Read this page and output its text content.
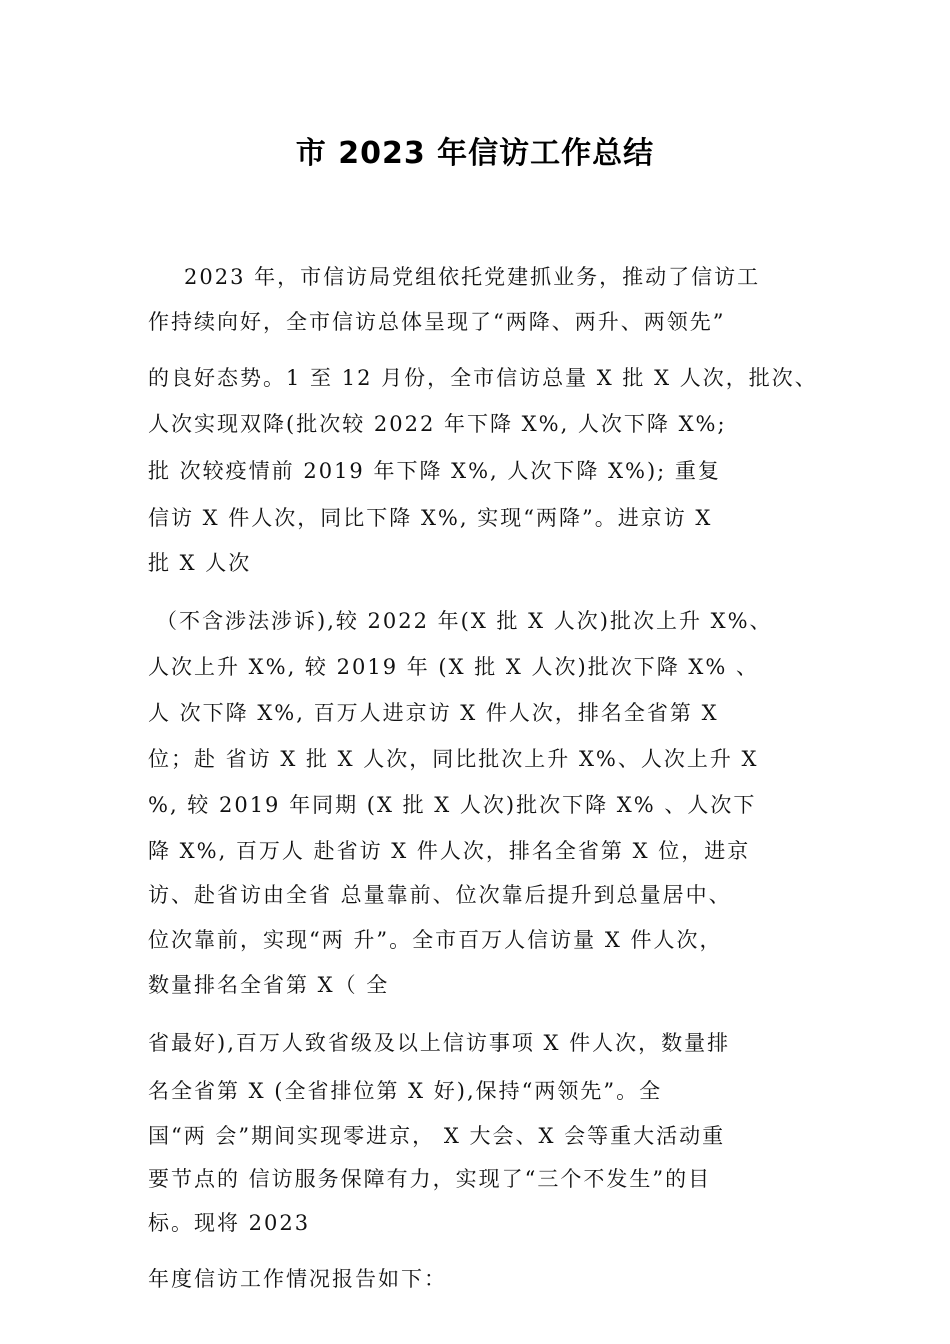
市 2023 年信访工作总结
2023 年，市信访局党组依托党建抓业务，推动了信访工
作持续向好，全市信访总体呈现了“两降、两升、两领先”
的良好态势。1 至 12 月份，全市信访总量 X 批 X 人次，批次、
人次实现双降(批次较 2022 年下降 X%, 人次下降 X%;
批 次较疫情前 2019 年下降 X%, 人次下降 X%); 重复
信访 X 件人次，同比下降 X%, 实现“两降”。进京访 X
批 X 人次
（不含涉法涉诉),较 2022 年(X 批 X 人次)批次上升 X%、
人次上升 X%, 较 2019 年 (X 批 X 人次)批次下降 X% 、
人 次下降 X%, 百万人进京访 X 件人次，排名全省第 X
位；赴 省访 X 批 X 人次，同比批次上升 X%、人次上升 X
%, 较 2019 年同期 (X 批 X 人次)批次下降 X% 、人次下
降 X%, 百万人 赴省访 X 件人次，排名全省第 X 位，进京
访、赴省访由全省 总量靠前、位次靠后提升到总量居中、
位次靠前，实现“两 升”。全市百万人信访量 X 件人次，
数量排名全省第 X（ 全
省最好),百万人致省级及以上信访事项 X 件人次，数量排
名全省第 X (全省排位第 X 好),保持“两领先”。全
国“两 会”期间实现零进京， X 大会、X 会等重大活动重
要节点的 信访服务保障有力，实现了“三个不发生”的目
标。现将 2023
年度信访工作情况报告如下：
